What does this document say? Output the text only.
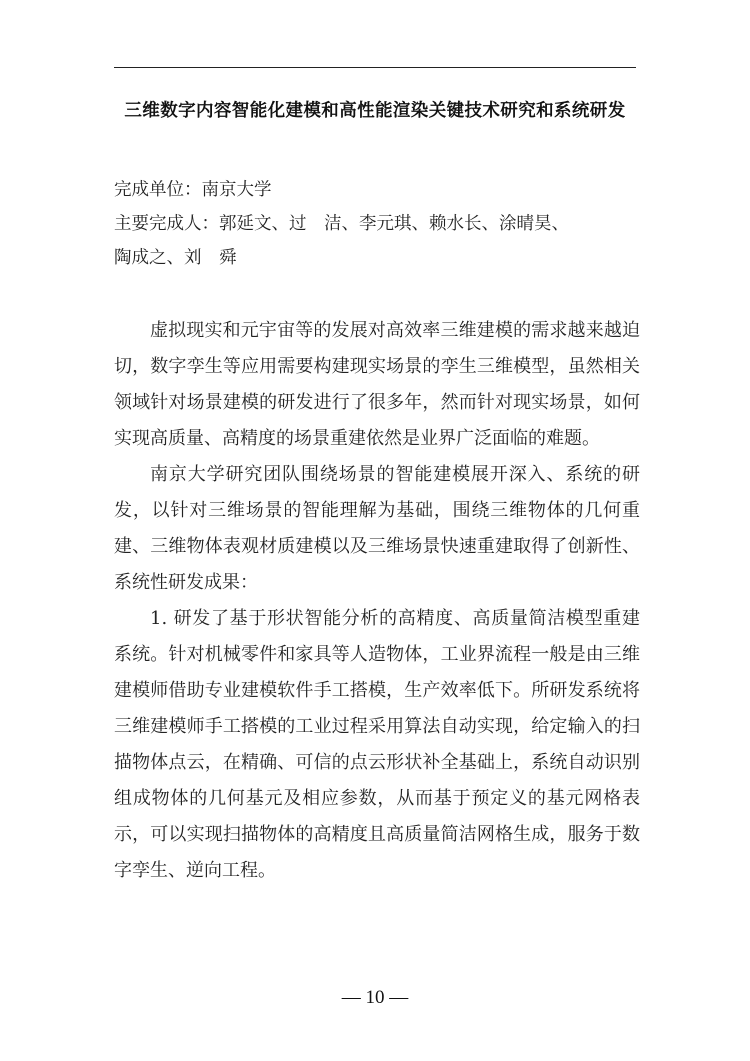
三维数字内容智能化建模和高性能渲染关键技术研究和系统研发
完成单位：南京大学
主要完成人：郭延文、过　洁、李元琪、赖水长、涂晴昊、
陶成之、刘　舜

虚拟现实和元宇宙等的发展对高效率三维建模的需求越来越迫切，数字孪生等应用需要构建现实场景的孪生三维模型，虽然相关领域针对场景建模的研发进行了很多年，然而针对现实场景，如何实现高质量、高精度的场景重建依然是业界广泛面临的难题。

南京大学研究团队围绕场景的智能建模展开深入、系统的研发，以针对三维场景的智能理解为基础，围绕三维物体的几何重建、三维物体表观材质建模以及三维场景快速重建取得了创新性、系统性研发成果：

1. 研发了基于形状智能分析的高精度、高质量简洁模型重建系统。针对机械零件和家具等人造物体，工业界流程一般是由三维建模师借助专业建模软件手工搭模，生产效率低下。所研发系统将三维建模师手工搭模的工业过程采用算法自动实现，给定输入的扫描物体点云，在精确、可信的点云形状补全基础上，系统自动识别组成物体的几何基元及相应参数，从而基于预定义的基元网格表示，可以实现扫描物体的高精度且高质量简洁网格生成，服务于数字孪生、逆向工程。

— 10 —
